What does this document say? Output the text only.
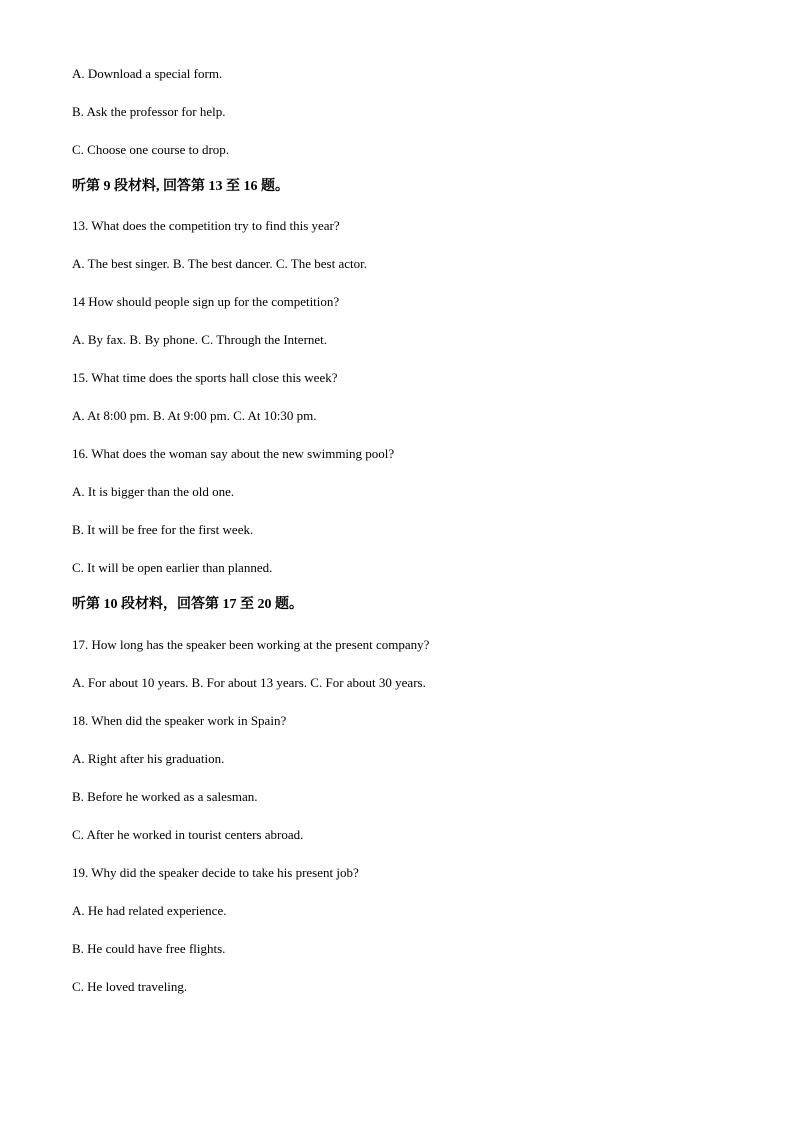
A. Download a special form.
B. Ask the professor for help.
C. Choose one course to drop.
听第 9 段材料, 回答第 13 至 16 题。
13. What does the competition try to find this year?
A. The best singer. B. The best dancer. C. The best actor.
14 How should people sign up for the competition?
A. By fax. B. By phone. C. Through the Internet.
15. What time does the sports hall close this week?
A. At 8:00 pm. B. At 9:00 pm. C. At 10:30 pm.
16. What does the woman say about the new swimming pool?
A. It is bigger than the old one.
B. It will be free for the first week.
C. It will be open earlier than planned.
听第 10 段材料，回答第 17 至 20 题。
17. How long has the speaker been working at the present company?
A. For about 10 years. B. For about 13 years. C. For about 30 years.
18. When did the speaker work in Spain?
A. Right after his graduation.
B. Before he worked as a salesman.
C. After he worked in tourist centers abroad.
19. Why did the speaker decide to take his present job?
A. He had related experience.
B. He could have free flights.
C. He loved traveling.
